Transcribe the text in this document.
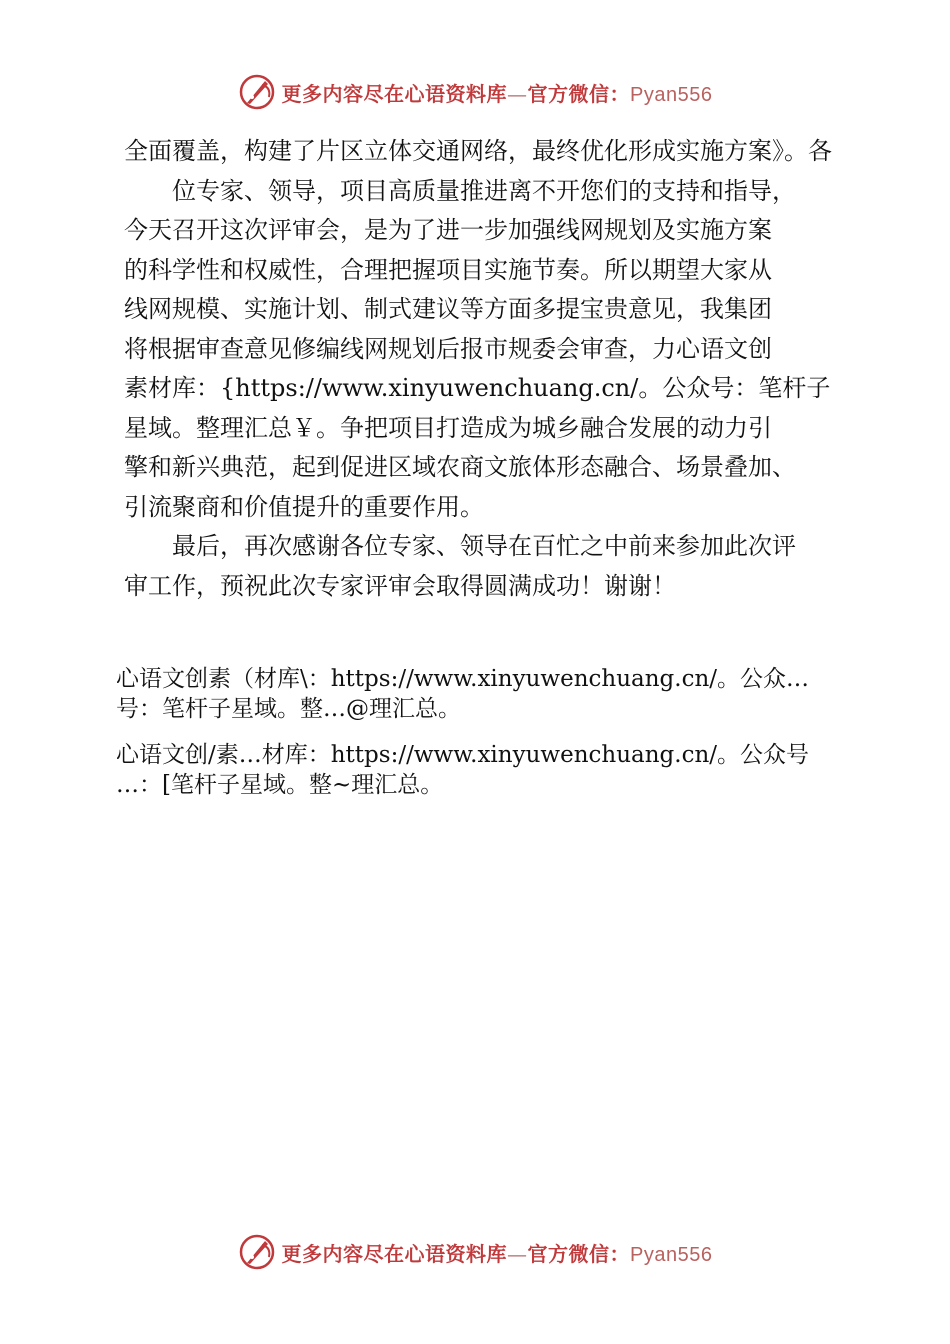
更多内容尽在心语资料库—官方微信：Pyan556

全面覆盖，构建了片区立体交通网络，最终优化形成实施方案》。各

　　位专家、领导，项目高质量推进离不开您们的支持和指导，

今天召开这次评审会，是为了进一步加强线网规划及实施方案

的科学性和权威性，合理把握项目实施节奏。所以期望大家从

线网规模、实施计划、制式建议等方面多提宝贵意见，我集团

将根据审查意见修编线网规划后报市规委会审查，力心语文创

素材库：{https://www.xinyuwenchuang.cn/。公众号：笔杆子

星域。整理汇总￥。争把项目打造成为城乡融合发展的动力引

擎和新兴典范，起到促进区域农商文旅体形态融合、场景叠加、

引流聚商和价值提升的重要作用。

　　最后，再次感谢各位专家、领导在百忙之中前来参加此次评

审工作，预祝此次专家评审会取得圆满成功！谢谢！

心语文创素（材库\：https://www.xinyuwenchuang.cn/。公众…

号：笔杆子星域。整…@理汇总。

心语文创/素…材库：https://www.xinyuwenchuang.cn/。公众号

…：[笔杆子星域。整~理汇总。

更多内容尽在心语资料库—官方微信：Pyan556
